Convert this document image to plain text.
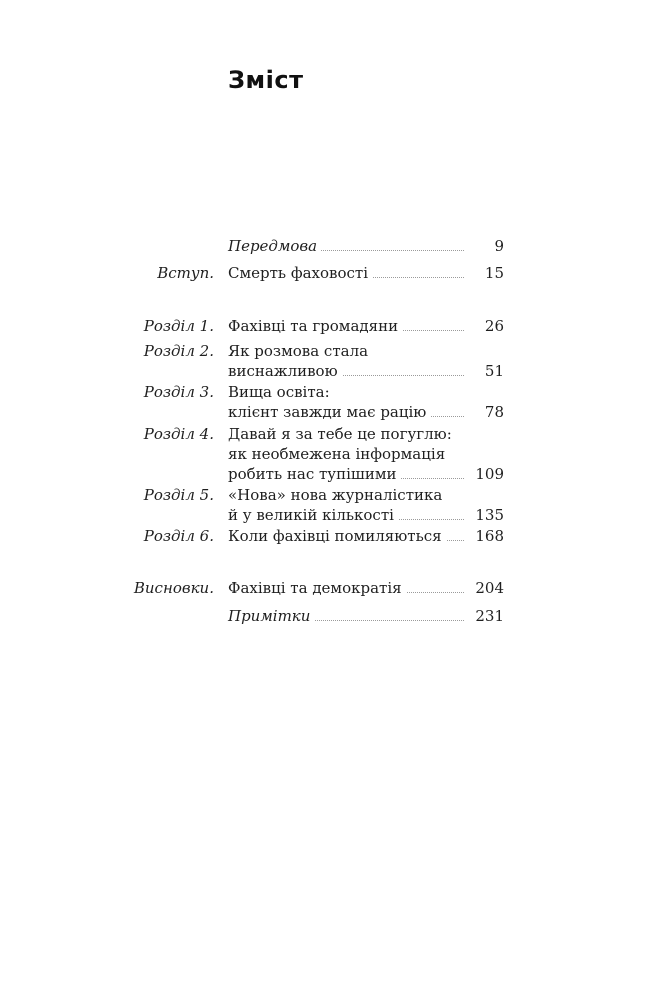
Зміст
Передмова	9
Вступ. Смерть фаховості	15
Розділ 1. Фахівці та громадяни	26
Розділ 2. Як розмова стала
виснажливою	51
Розділ 3. Вища освіта:
клієнт завжди має рацію	78
Розділ 4. Давай я за тебе це погуглю:
як необмежена інформація
робить нас тупішими	109
Розділ 5. «Нова» нова журналістика
й у великій кількості	135
Розділ 6. Коли фахівці помиляються 168
Висновки. Фахівці та демократія	204
Примітки	231
